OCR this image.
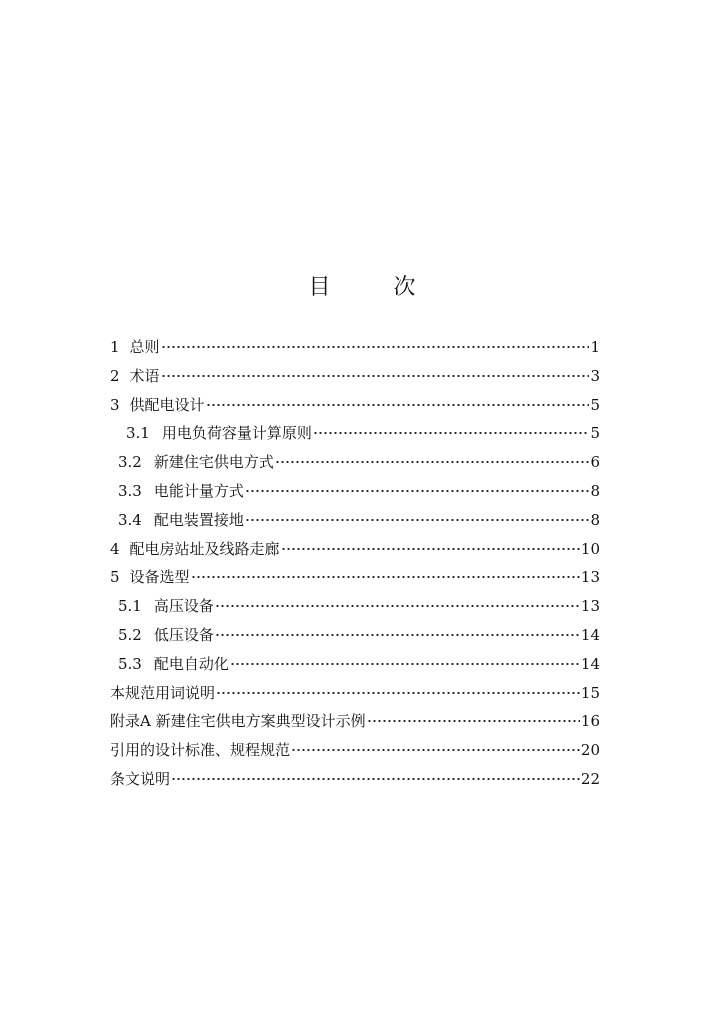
目 次
1 总则	1
2 术语	3
3 供配电设计	5
3.1 用电负荷容量计算原则	5
3.2 新建住宅供电方式	6
3.3 电能计量方式	8
3.4 配电装置接地	8
4 配电房站址及线路走廊	10
5 设备选型	13
5.1 高压设备	13
5.2 低压设备	14
5.3 配电自动化	14
本规范用词说明	15
附录A 新建住宅供电方案典型设计示例	16
引用的设计标准、规程规范	20
条文说明	22
